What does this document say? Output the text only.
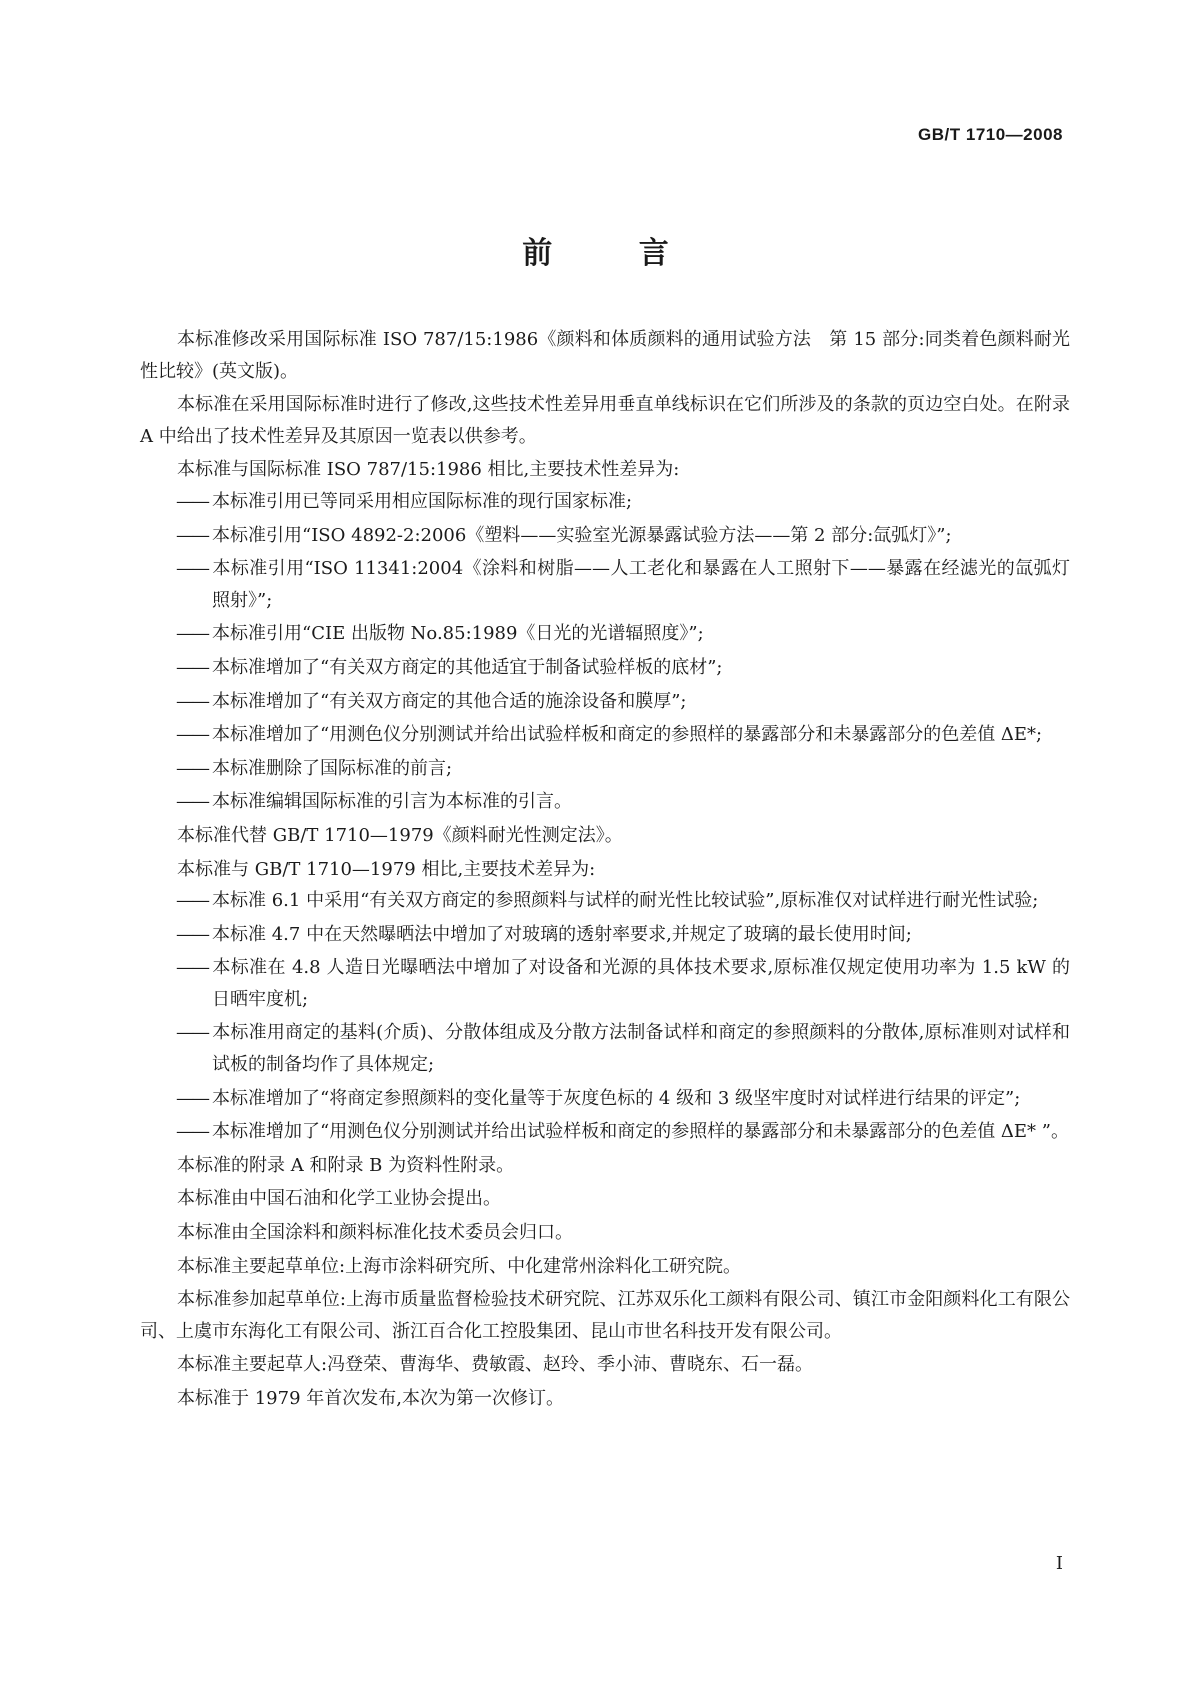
GB/T 1710—2008
前 言

本标准修改采用国际标准 ISO 787/15:1986《颜料和体质颜料的通用试验方法　第 15 部分:同类着色颜料耐光性比较》(英文版)。

本标准在采用国际标准时进行了修改,这些技术性差异用垂直单线标识在它们所涉及的条款的页边空白处。在附录 A 中给出了技术性差异及其原因一览表以供参考。

本标准与国际标准 ISO 787/15:1986 相比,主要技术性差异为:

—— 本标准引用已等同采用相应国际标准的现行国家标准;

—— 本标准引用“ISO 4892-2:2006《塑料——实验室光源暴露试验方法——第 2 部分:氙弧灯》”;

—— 本标准引用“ISO 11341:2004《涂料和树脂——人工老化和暴露在人工照射下——暴露在经滤光的氙弧灯照射》”;

—— 本标准引用“CIE 出版物 No.85:1989《日光的光谱辐照度》”;

—— 本标准增加了“有关双方商定的其他适宜于制备试验样板的底材”;

—— 本标准增加了“有关双方商定的其他合适的施涂设备和膜厚”;

—— 本标准增加了“用测色仪分别测试并给出试验样板和商定的参照样的暴露部分和未暴露部分的色差值 ΔE*;

—— 本标准删除了国际标准的前言;

—— 本标准编辑国际标准的引言为本标准的引言。

本标准代替 GB/T 1710—1979《颜料耐光性测定法》。

本标准与 GB/T 1710—1979 相比,主要技术差异为:

—— 本标准 6.1 中采用“有关双方商定的参照颜料与试样的耐光性比较试验”,原标准仅对试样进行耐光性试验;

—— 本标准 4.7 中在天然曝晒法中增加了对玻璃的透射率要求,并规定了玻璃的最长使用时间;

—— 本标准在 4.8 人造日光曝晒法中增加了对设备和光源的具体技术要求,原标准仅规定使用功率为 1.5 kW 的日晒牢度机;

—— 本标准用商定的基料(介质)、分散体组成及分散方法制备试样和商定的参照颜料的分散体,原标准则对试样和试板的制备均作了具体规定;

—— 本标准增加了“将商定参照颜料的变化量等于灰度色标的 4 级和 3 级坚牢度时对试样进行结果的评定”;

—— 本标准增加了“用测色仪分别测试并给出试验样板和商定的参照样的暴露部分和未暴露部分的色差值 ΔE* ”。

本标准的附录 A 和附录 B 为资料性附录。

本标准由中国石油和化学工业协会提出。

本标准由全国涂料和颜料标准化技术委员会归口。

本标准主要起草单位:上海市涂料研究所、中化建常州涂料化工研究院。

本标准参加起草单位:上海市质量监督检验技术研究院、江苏双乐化工颜料有限公司、镇江市金阳颜料化工有限公司、上虞市东海化工有限公司、浙江百合化工控股集团、昆山市世名科技开发有限公司。

本标准主要起草人:冯登荣、曹海华、费敏霞、赵玲、季小沛、曹晓东、石一磊。

本标准于 1979 年首次发布,本次为第一次修订。

I
